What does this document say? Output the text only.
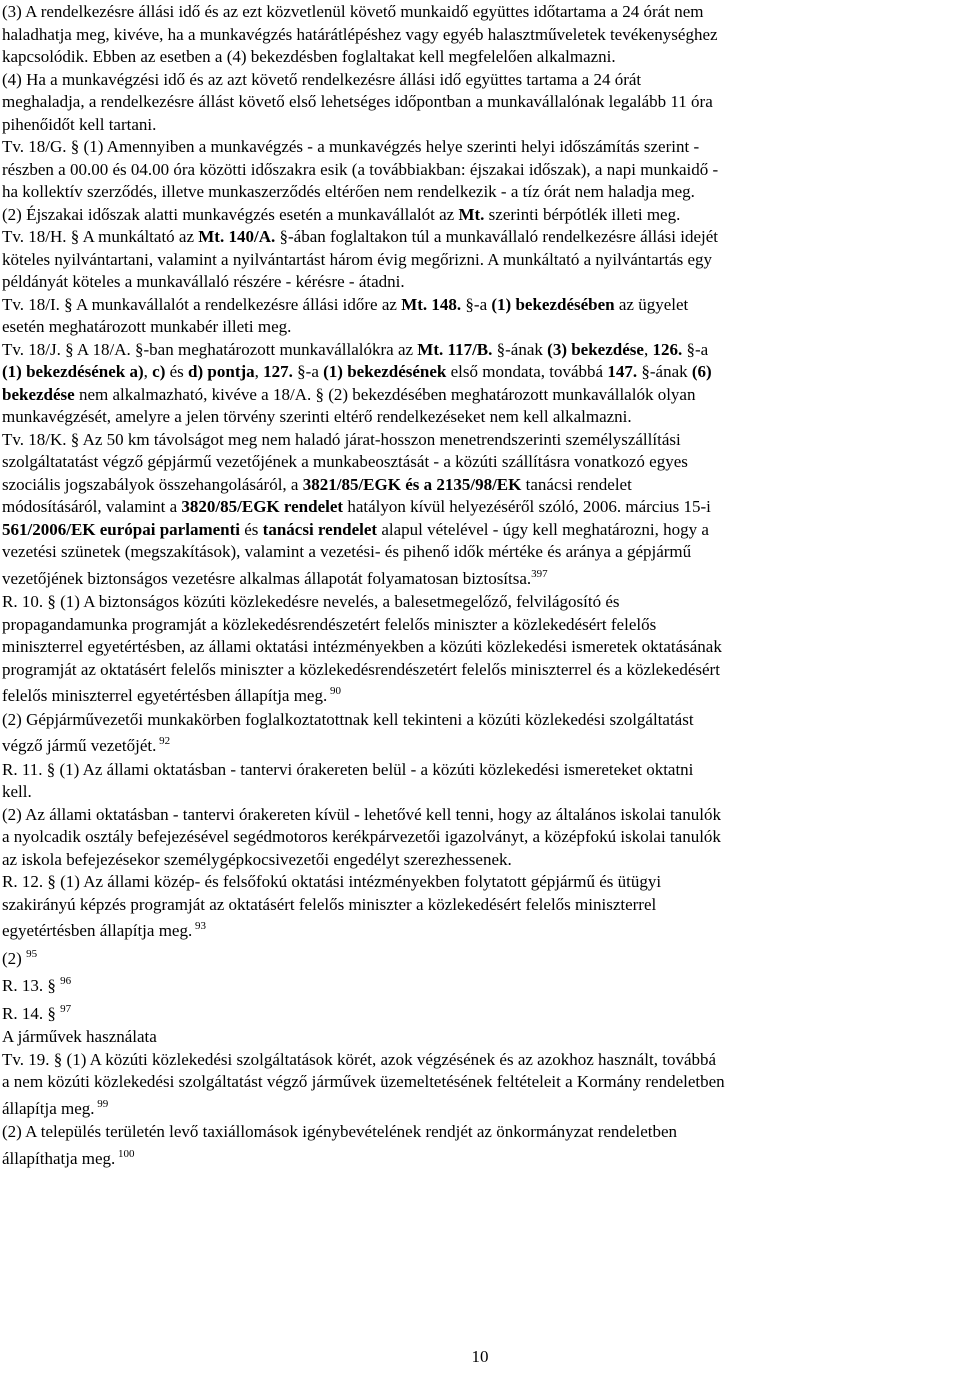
(3) A rendelkezésre állási idő és az ezt közvetlenül követő munkaidő együttes időtartama a 24 órát nem
haladhatja meg, kivéve, ha a munkavégzés határátlépéshez vagy egyéb halasztműveletek tevékenységhez
kapcsolódik. Ebben az esetben a (4) bekezdésben foglaltakat kell megfelelően alkalmazni.
(4) Ha a munkavégzési idő és az azt követő rendelkezésre állási idő együttes tartama a 24 órát
meghaladja, a rendelkezésre állást követő első lehetséges időpontban a munkavállalónak legalább 11 óra
pihenőidőt kell tartani.
Tv. 18/G. § (1) Amennyiben a munkavégzés - a munkavégzés helye szerinti helyi időszámítás szerint -
részben a 00.00 és 04.00 óra közötti időszakra esik (a továbbiakban: éjszakai időszak), a napi munkaidő -
ha kollektív szerződés, illetve munkaszerződés eltérően nem rendelkezik - a tíz órát nem haladja meg.
(2) Éjszakai időszak alatti munkavégzés esetén a munkavállalót az Mt. szerinti bérpótlék illeti meg.
Tv. 18/H. § A munkáltató az Mt. 140/A. §-ában foglaltakon túl a munkavállaló rendelkezésre állási idejét
köteles nyilvántartani, valamint a nyilvántartást három évig megőrizni. A munkáltató a nyilvántartás egy
példányát köteles a munkavállaló részére - kérésre - átadni.
Tv. 18/I. § A munkavállalót a rendelkezésre állási időre az Mt. 148. §-a (1) bekezdésében az ügyelet
esetén meghatározott munkabér illeti meg.
Tv. 18/J. § A 18/A. §-ban meghatározott munkavállalókra az Mt. 117/B. §-ának (3) bekezdése, 126. §-a
(1) bekezdésének a), c) és d) pontja, 127. §-a (1) bekezdésének első mondata, továbbá 147. §-ának (6)
bekezdése nem alkalmazható, kivéve a 18/A. § (2) bekezdésében meghatározott munkavállalók olyan
munkavégzését, amelyre a jelen törvény szerinti eltérő rendelkezéseket nem kell alkalmazni.
Tv. 18/K. § Az 50 km távolságot meg nem haladó járat-hosszon menetrendszerinti személyszállítási
szolgáltatatást végző gépjármű vezetőjének a munkabeosztását - a közúti szállításra vonatkozó egyes
szociális jogszabályok összehangolásáról, a 3821/85/EGK és a 2135/98/EK tanácsi rendelet
módosításáról, valamint a 3820/85/EGK rendelet hatályon kívül helyezéséről szóló, 2006. március 15-i
561/2006/EK európai parlamenti és tanácsi rendelet alapul vételével - úgy kell meghatározni, hogy a
vezetési szünetek (megszakítások), valamint a vezetési- és pihenő idők mértéke és aránya a gépjármű
vezetőjének biztonságos vezetésre alkalmas állapotát folyamatosan biztosítsa.$^{397}$
R. 10. § (1) A biztonságos közúti közlekedésre nevelés, a balesetmegelőző, felvilágosító és
propagandamunka programját a közlekedésrendészetért felelős miniszter a közlekedésért felelős
miniszterrel egyetértésben, az állami oktatási intézményekben a közúti közlekedési ismeretek oktatásának
programját az oktatásért felelős miniszter a közlekedésrendészetért felelős miniszterrel és a közlekedésért
felelős miniszterrel egyetértésben állapítja meg. $^{90}$
(2) Gépjárművezetői munkakörben foglalkoztatottnak kell tekinteni a közúti közlekedési szolgáltatást
végző jármű vezetőjét. $^{92}$
R. 11. § (1) Az állami oktatásban - tantervi órakereten belül - a közúti közlekedési ismereteket oktatni
kell.
(2) Az állami oktatásban - tantervi órakereten kívül - lehetővé kell tenni, hogy az általános iskolai tanulók
a nyolcadik osztály befejezésével segédmotoros kerékpárvezetői igazolványt, a középfokú iskolai tanulók
az iskola befejezésekor személygépkocsivezetői engedélyt szerezhessenek.
R. 12. § (1) Az állami közép- és felsőfokú oktatási intézményekben folytatott gépjármű és ütügyi
szakirányú képzés programját az oktatásért felelős miniszter a közlekedésért felelős miniszterrel
egyetértésben állapítja meg. $^{93}$
(2) $^{95}$
R. 13. § $^{96}$
R. 14. § $^{97}$
A járművek használata
Tv. 19. § (1) A közúti közlekedési szolgáltatások körét, azok végzésének és az azokhoz használt, továbbá
a nem közúti közlekedési szolgáltatást végző járművek üzemeltetésének feltételeit a Kormány rendeletben
állapítja meg. $^{99}$
(2) A település területén levő taxiállomások igénybevételének rendjét az önkormányzat rendeletben
állapíthatja meg. $^{100}$
10
